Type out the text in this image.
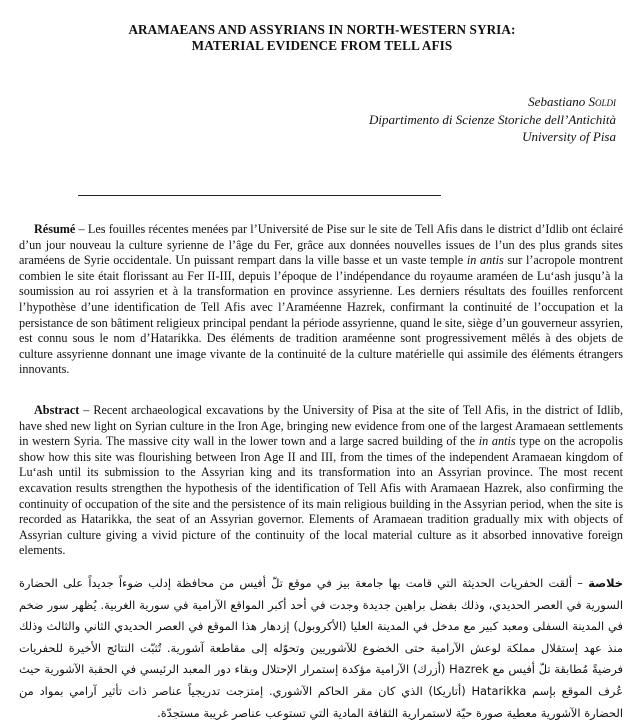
ARAMAEANS AND ASSYRIANS IN NORTH-WESTERN SYRIA:
MATERIAL EVIDENCE FROM TELL AFIS
Sebastiano Soldi
Dipartimento di Scienze Storiche dell’Antichità
University of Pisa

Résumé – Les fouilles récentes menées par l’Université de Pise sur le site de Tell Afis dans le district d’Idlib ont éclairé d’un jour nouveau la culture syrienne de l’âge du Fer, grâce aux données nouvelles issues de l’un des plus grands sites araméens de Syrie occidentale. Un puissant rempart dans la ville basse et un vaste temple in antis sur l’acropole montrent combien le site était florissant au Fer II-III, depuis l’époque de l’indépendance du royaume araméen de Lu‘ash jusqu’à la soumission au roi assyrien et à la transformation en province assyrienne. Les derniers résultats des fouilles renforcent l’hypothèse d’une identification de Tell Afis avec l’Araméenne Hazrek, confirmant la continuité de l’occupation et la persistance de son bâtiment religieux principal pendant la période assyrienne, quand le site, siège d’un gouverneur assyrien, est connu sous le nom d’Hatarikka. Des éléments de tradition araméenne sont progressivement mêlés à des objets de culture assyrienne donnant une image vivante de la continuité de la culture matérielle qui assimile des éléments étrangers innovants.

Abstract – Recent archaeological excavations by the University of Pisa at the site of Tell Afis, in the district of Idlib, have shed new light on Syrian culture in the Iron Age, bringing new evidence from one of the largest Aramaean settlements in western Syria. The massive city wall in the lower town and a large sacred building of the in antis type on the acropolis show how this site was flourishing between Iron Age II and III, from the times of the independent Aramaean kingdom of Lu‘ash until its submission to the Assyrian king and its transformation into an Assyrian province. The most recent excavation results strengthen the hypothesis of the identification of Tell Afis with Aramaean Hazrek, also confirming the continuity of occupation of the site and the persistence of its main religious building in the Assyrian period, when the site is recorded as Hatarikka, the seat of an Assyrian governor. Elements of Aramaean tradition gradually mix with objects of Assyrian culture giving a vivid picture of the continuity of the local material culture as it absorbed innovative foreign elements.

خلاصة – ألقت الحفريات الحديثة التي قامت بها جامعة بيز في موقع تلّ أفيس من محافظة إدلب ضوءاً جديداً على الحضارة السورية في العصر الحديدي، وذلك بفضل براهين جديدة وجدت في أحد أكبر المواقع الآرامية في سورية الغربية. يُظهر سور ضخم في المدينة السفلى ومعبد كبير مع مدخل في المدينة العليا (الأكروبول) إزدهار هذا الموقع في العصر الحديدي الثاني والثالث وذلك منذ عهد إستقلال مملكة لوعش الآرامية حتى الخضوع للآشوريين وتحوّله إلى مقاطعة آشورية. تُثبّت النتائج الأخيرة للحفريات فرضيةً مُطابقة تلّ أفيس مع Hazrek (أزرك) الآرامية مؤكدة إستمرار الإحتلال وبقاء دور المعبد الرئيسي في الحقبة الآشورية حيث عُرف الموقع بإسم Hatarikka (أتاريكا) الذي كان مقر الحاكم الآشوري. إمتزجت تدريجياً عناصر ذات تأثير آرامي بمواد من الحضارة الآشورية معطية صورة حيّة لاستمرارية الثقافة المادية التي تستوعب عناصر غريبة مستجدّة.
